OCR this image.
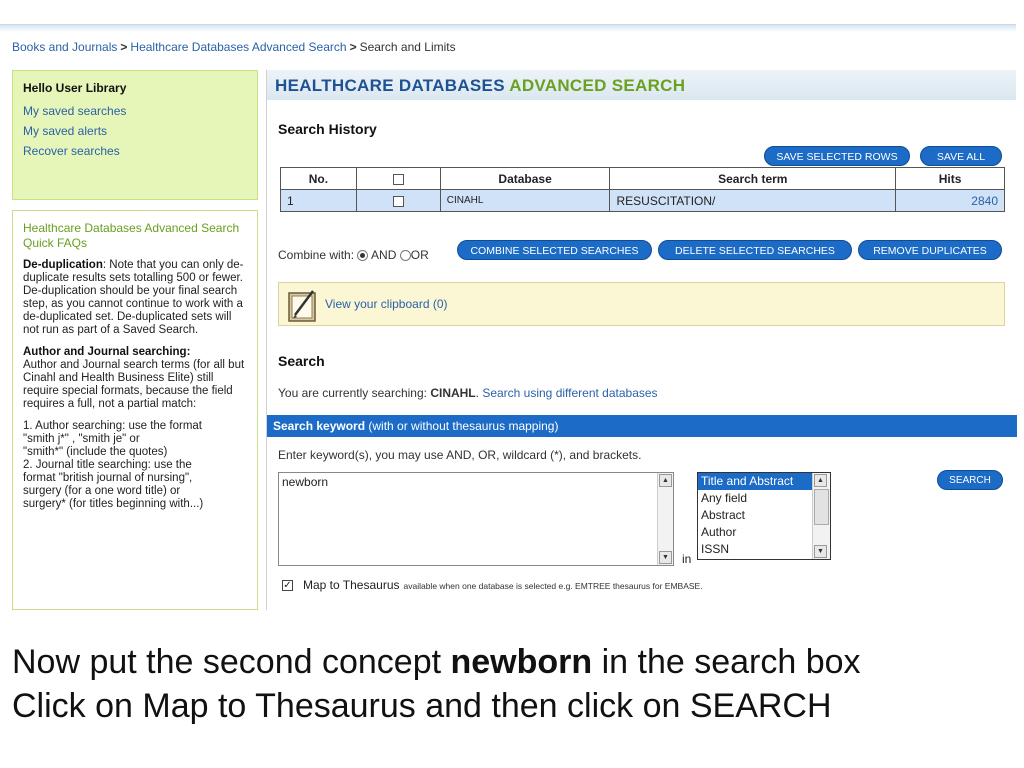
Books and Journals > Healthcare Databases Advanced Search > Search and Limits
Hello User Library
My saved searches
My saved alerts
Recover searches
Healthcare Databases Advanced Search Quick FAQs

De-duplication: Note that you can only de-duplicate results sets totalling 500 or fewer. De-duplication should be your final search step, as you cannot continue to work with a de-duplicated set. De-duplicated sets will not run as part of a Saved Search.

Author and Journal searching:
Author and Journal search terms (for all but Cinahl and Health Business Elite) still require special formats, because the field requires a full, not a partial match:

1. Author searching: use the format
"smith j*" , "smith je" or
"smith*" (include the quotes)
2. Journal title searching: use the
format "british journal of nursing",
surgery (for a one word title) or
surgery* (for titles beginning with...)

HEALTHCARE DATABASES ADVANCED SEARCH
Search History
SAVE SELECTED ROWS	SAVE ALL
No.		Database	Search term	Hits
1		CINAHL	RESUSCITATION/	2840
Combine with: AND OR	COMBINE SELECTED SEARCHES	DELETE SELECTED SEARCHES	REMOVE DUPLICATES
View your clipboard (0)
Search
You are currently searching: CINAHL. Search using different databases
Search keyword (with or without thesaurus mapping)
Enter keyword(s), you may use AND, OR, wildcard (*), and brackets.
newborn	▲
▼ in
Title and Abstract
Any field
Abstract
Author
ISSN
▲
▼
SEARCH
✓ Map to Thesaurus available when one database is selected e.g. EMTREE thesaurus for EMBASE.
Now put the second concept newborn in the search box
Click on Map to Thesaurus and then click on SEARCH
